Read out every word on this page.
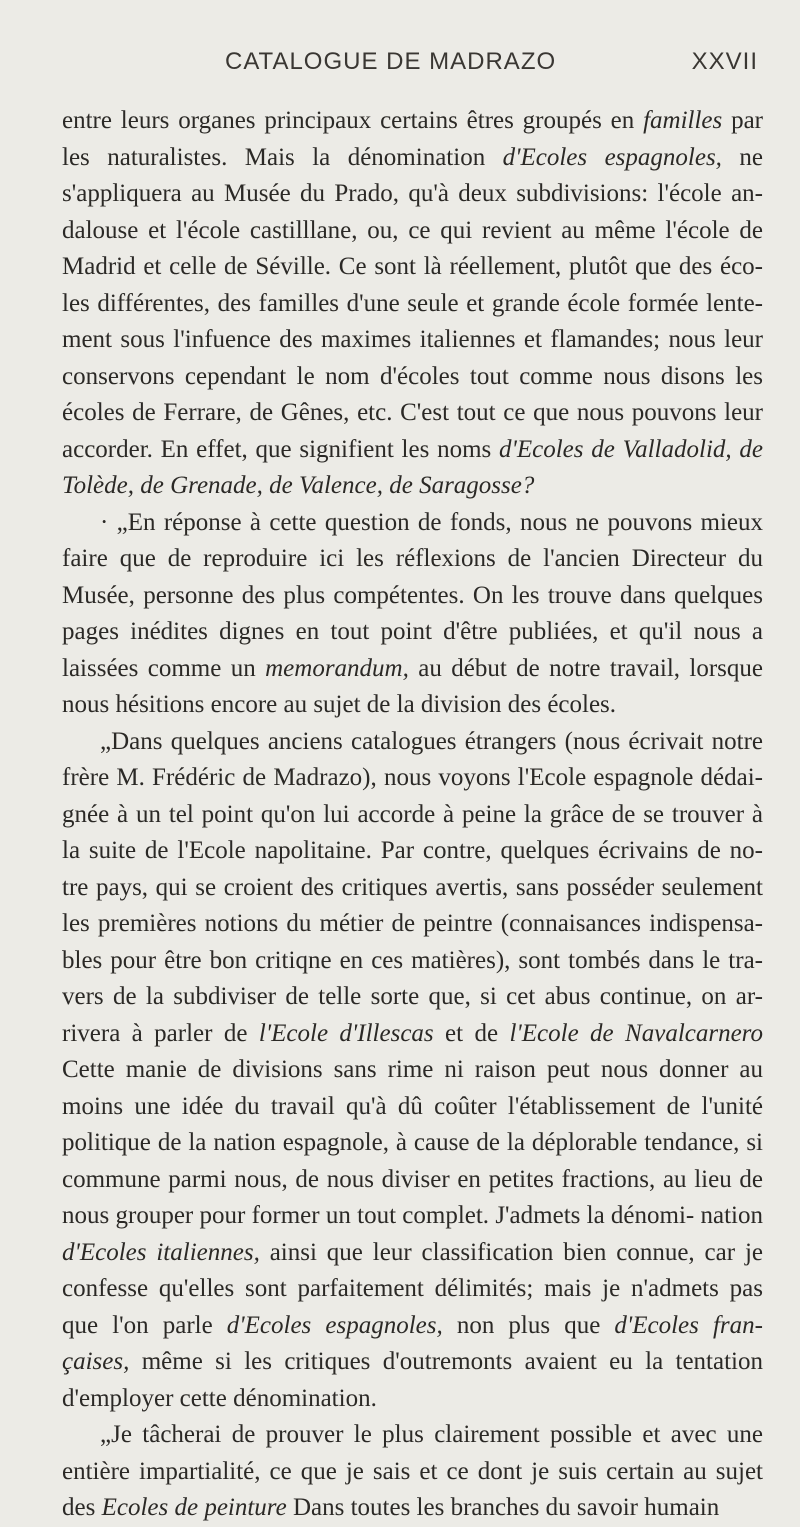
CATALOGUE DE MADRAZO	XXVII

entre leurs organes principaux certains êtres groupés en familles par les naturalistes. Mais la dénomination d'Ecoles espagnoles, ne s'appliquera au Musée du Prado, qu'à deux subdivisions: l'école an- dalouse et l'école castilllane, ou, ce qui revient au même l'école de Madrid et celle de Séville. Ce sont là réellement, plutôt que des éco- les différentes, des familles d'une seule et grande école formée lente- ment sous l'infuence des maximes italiennes et flamandes; nous leur conservons cependant le nom d'écoles tout comme nous disons les écoles de Ferrare, de Gênes, etc. C'est tout ce que nous pouvons leur accorder. En effet, que signifient les noms d'Ecoles de Valladolid, de Tolède, de Grenade, de Valence, de Saragosse?

· „En réponse à cette question de fonds, nous ne pouvons mieux faire que de reproduire ici les réflexions de l'ancien Directeur du Musée, personne des plus compétentes. On les trouve dans quelques pages inédites dignes en tout point d'être publiées, et qu'il nous a laissées comme un memorandum, au début de notre travail, lorsque nous hésitions encore au sujet de la division des écoles.

„Dans quelques anciens catalogues étrangers (nous écrivait notre frère M. Frédéric de Madrazo), nous voyons l'Ecole espagnole dédai- gnée à un tel point qu'on lui accorde à peine la grâce de se trouver à la suite de l'Ecole napolitaine. Par contre, quelques écrivains de no- tre pays, qui se croient des critiques avertis, sans posséder seulement les premières notions du métier de peintre (connaisances indispensa- bles pour être bon critiqne en ces matières), sont tombés dans le tra- vers de la subdiviser de telle sorte que, si cet abus continue, on ar- rivera à parler de l'Ecole d'Illescas et de l'Ecole de Navalcarnero Cette manie de divisions sans rime ni raison peut nous donner au moins une idée du travail qu'à dû coûter l'établissement de l'unité politique de la nation espagnole, à cause de la déplorable tendance, si commune parmi nous, de nous diviser en petites fractions, au lieu de nous grouper pour former un tout complet. J'admets la dénomi- nation d'Ecoles italiennes, ainsi que leur classification bien connue, car je confesse qu'elles sont parfaitement délimités; mais je n'admets pas que l'on parle d'Ecoles espagnoles, non plus que d'Ecoles fran- çaises, même si les critiques d'outremonts avaient eu la tentation d'employer cette dénomination.

„Je tâcherai de prouver le plus clairement possible et avec une entière impartialité, ce que je sais et ce dont je suis certain au sujet des Ecoles de peinture Dans toutes les branches du savoir humain
